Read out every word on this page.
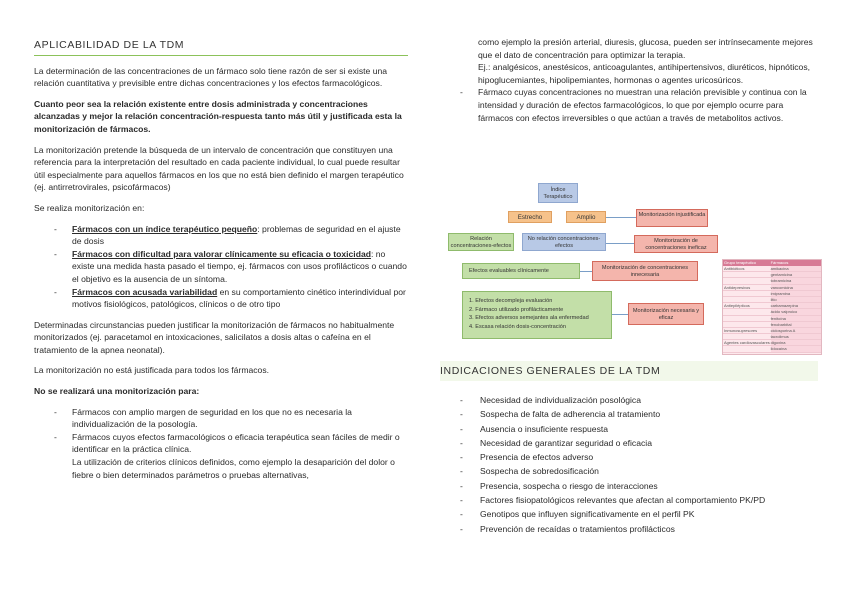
APLICABILIDAD DE LA TDM

La determinación de las concentraciones de un fármaco solo tiene razón de ser si existe una relación cuantitativa y previsible entre dichas concentraciones y los efectos farmacológicos.

Cuanto peor sea la relación existente entre dosis administrada y concentraciones alcanzadas y mejor la relación concentración-respuesta tanto más útil y justificada esta la monitorización de fármacos.

La monitorización pretende la búsqueda de un intervalo de concentración que constituyen una referencia para la interpretación del resultado en cada paciente individual, lo cual puede resultar útil especialmente para aquellos fármacos en los que no está bien definido el margen terapéutico (ej. antirretrovirales, psicofármacos)

Se realiza monitorización en:

- Fármacos con un índice terapéutico pequeño: problemas de seguridad en el ajuste de dosis
- Fármacos con dificultad para valorar clínicamente su eficacia o toxicidad: no existe una medida hasta pasado el tiempo, ej. fármacos con usos profilácticos o cuando el objetivo es la ausencia de un síntoma.
- Fármacos con acusada variabilidad en su comportamiento cinético interindividual por motivos fisiológicos, patológicos, clínicos o de otro tipo

Determinadas circunstancias pueden justificar la monitorización de fármacos no habitualmente monitorizados (ej. paracetamol en intoxicaciones, salicilatos a dosis altas o cafeína en el tratamiento de la apnea neonatal).

La monitorización no está justificada para todos los fármacos.

No se realizará una monitorización para:

- Fármacos con amplio margen de seguridad en los que no es necesaria la individualización de la posología.
- Fármacos cuyos efectos farmacológicos o eficacia terapéutica sean fáciles de medir o identificar en la práctica clínica.
La utilización de criterios clínicos definidos, como ejemplo la desaparición del dolor o fiebre o bien determinados parámetros o pruebas alternativas,
como ejemplo la presión arterial, diuresis, glucosa, pueden ser intrínsecamente mejores que el dato de concentración para optimizar la terapia.
Ej.: analgésicos, anestésicos, anticoagulantes, antihipertensivos, diuréticos, hipnóticos, hipoglucemiantes, hipolipemiantes, hormonas o agentes uricosúricos.
- Fármaco cuyas concentraciones no muestran una relación previsible y continua con la intensidad y duración de efectos farmacológicos, lo que por ejemplo ocurre para fármacos con efectos irreversibles o que actúan a través de metabolitos activos.
Índice Terapéutico
Estrecho	Amplio	Monitorización injustificada
Relación concentraciones-efectos
No relación concentraciones-efectos
Monitorización de concentraciones ineficaz
Efectos evaluables clínicamente	Monitorización de concentraciones innecesaria
1. Efectos decompleja evaluación
2. Fármaco utilizado profilácticamente
3. Efectos adversos semejantes ala enfermedad
4. Escasa relación dosis-concentración
Monitorización necesaria y eficaz
Grupo terapéutico	Fármacos
Antibióticos	amikacina
gentamicina
tobramicina
Antidepresivos	vancomicina
imipramina
litio
Antiepilépticos	carbamazepina
ácido valproico
fenitoína
fenobarbital
Inmunosupresores	ciclosporina A
tacrolimus
Agentes cardiovasculares digoxina
lidocaína
INDICACIONES GENERALES DE LA TDM
- Necesidad de individualización posológica
- Sospecha de falta de adherencia al tratamiento
- Ausencia o insuficiente respuesta
- Necesidad de garantizar seguridad o eficacia
- Presencia de efectos adverso
- Sospecha de sobredosificación
- Presencia, sospecha o riesgo de interacciones
- Factores fisiopatológicos relevantes que afectan al comportamiento PK/PD
- Genotipos que influyen significativamente en el perfil PK
- Prevención de recaídas o tratamientos profilácticos
